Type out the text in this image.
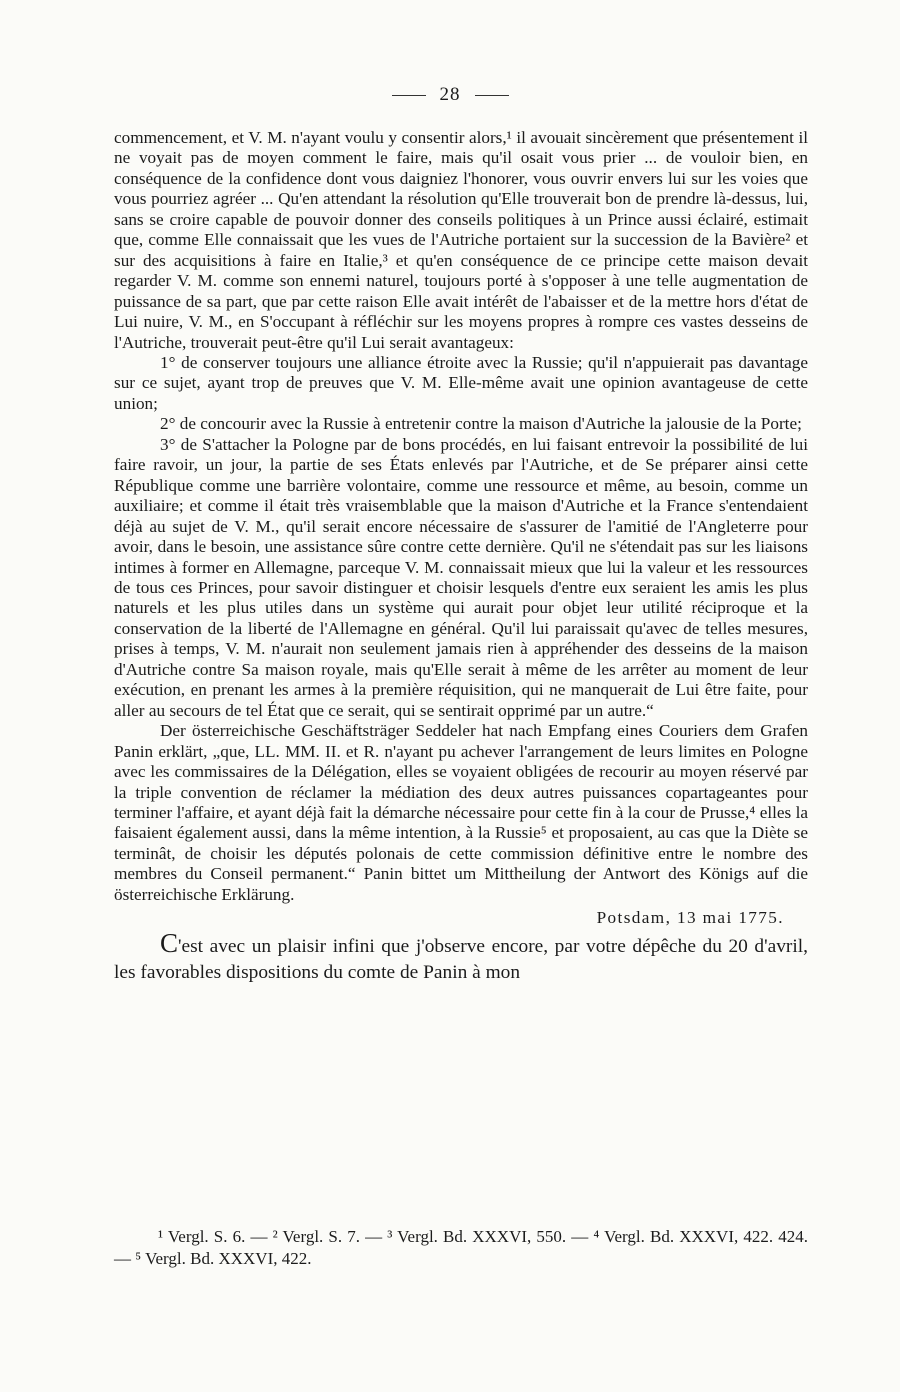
28

commencement, et V. M. n'ayant voulu y consentir alors,¹ il avouait sincèrement que présentement il ne voyait pas de moyen comment le faire, mais qu'il osait vous prier ... de vouloir bien, en conséquence de la confidence dont vous daigniez l'honorer, vous ouvrir envers lui sur les voies que vous pourriez agréer ... Qu'en attendant la résolution qu'Elle trouverait bon de prendre là-dessus, lui, sans se croire capable de pouvoir donner des conseils politiques à un Prince aussi éclairé, estimait que, comme Elle connaissait que les vues de l'Autriche portaient sur la succession de la Bavière² et sur des acquisitions à faire en Italie,³ et qu'en conséquence de ce principe cette maison devait regarder V. M. comme son ennemi naturel, toujours porté à s'opposer à une telle augmentation de puissance de sa part, que par cette raison Elle avait intérêt de l'abaisser et de la mettre hors d'état de Lui nuire, V. M., en S'occupant à réfléchir sur les moyens propres à rompre ces vastes desseins de l'Autriche, trouverait peut-être qu'il Lui serait avantageux:

1° de conserver toujours une alliance étroite avec la Russie; qu'il n'appuierait pas davantage sur ce sujet, ayant trop de preuves que V. M. Elle-même avait une opinion avantageuse de cette union;

2° de concourir avec la Russie à entretenir contre la maison d'Autriche la jalousie de la Porte;

3° de S'attacher la Pologne par de bons procédés, en lui faisant entrevoir la possibilité de lui faire ravoir, un jour, la partie de ses États enlevés par l'Autriche, et de Se préparer ainsi cette République comme une barrière volontaire, comme une ressource et même, au besoin, comme un auxiliaire; et comme il était très vraisemblable que la maison d'Autriche et la France s'entendaient déjà au sujet de V. M., qu'il serait encore nécessaire de s'assurer de l'amitié de l'Angleterre pour avoir, dans le besoin, une assistance sûre contre cette dernière. Qu'il ne s'étendait pas sur les liaisons intimes à former en Allemagne, parceque V. M. connaissait mieux que lui la valeur et les ressources de tous ces Princes, pour savoir distinguer et choisir lesquels d'entre eux seraient les amis les plus naturels et les plus utiles dans un système qui aurait pour objet leur utilité réciproque et la conservation de la liberté de l'Allemagne en général. Qu'il lui paraissait qu'avec de telles mesures, prises à temps, V. M. n'aurait non seulement jamais rien à appréhender des desseins de la maison d'Autriche contre Sa maison royale, mais qu'Elle serait à même de les arrêter au moment de leur exécution, en prenant les armes à la première réquisition, qui ne manquerait de Lui être faite, pour aller au secours de tel État que ce serait, qui se sentirait opprimé par un autre.“

Der österreichische Geschäftsträger Seddeler hat nach Empfang eines Couriers dem Grafen Panin erklärt, „que, LL. MM. II. et R. n'ayant pu achever l'arrangement de leurs limites en Pologne avec les commissaires de la Délégation, elles se voyaient obligées de recourir au moyen réservé par la triple convention de réclamer la médiation des deux autres puissances copartageantes pour terminer l'affaire, et ayant déjà fait la démarche nécessaire pour cette fin à la cour de Prusse,⁴ elles la faisaient également aussi, dans la même intention, à la Russie⁵ et proposaient, au cas que la Diète se terminât, de choisir les députés polonais de cette commission définitive entre le nombre des membres du Conseil permanent.“ Panin bittet um Mittheilung der Antwort des Königs auf die österreichische Erklärung.

Potsdam, 13 mai 1775.

C'est avec un plaisir infini que j'observe encore, par votre dépêche du 20 d'avril, les favorables dispositions du comte de Panin à mon

¹ Vergl. S. 6. — ² Vergl. S. 7. — ³ Vergl. Bd. XXXVI, 550. — ⁴ Vergl. Bd. XXXVI, 422. 424. — ⁵ Vergl. Bd. XXXVI, 422.
